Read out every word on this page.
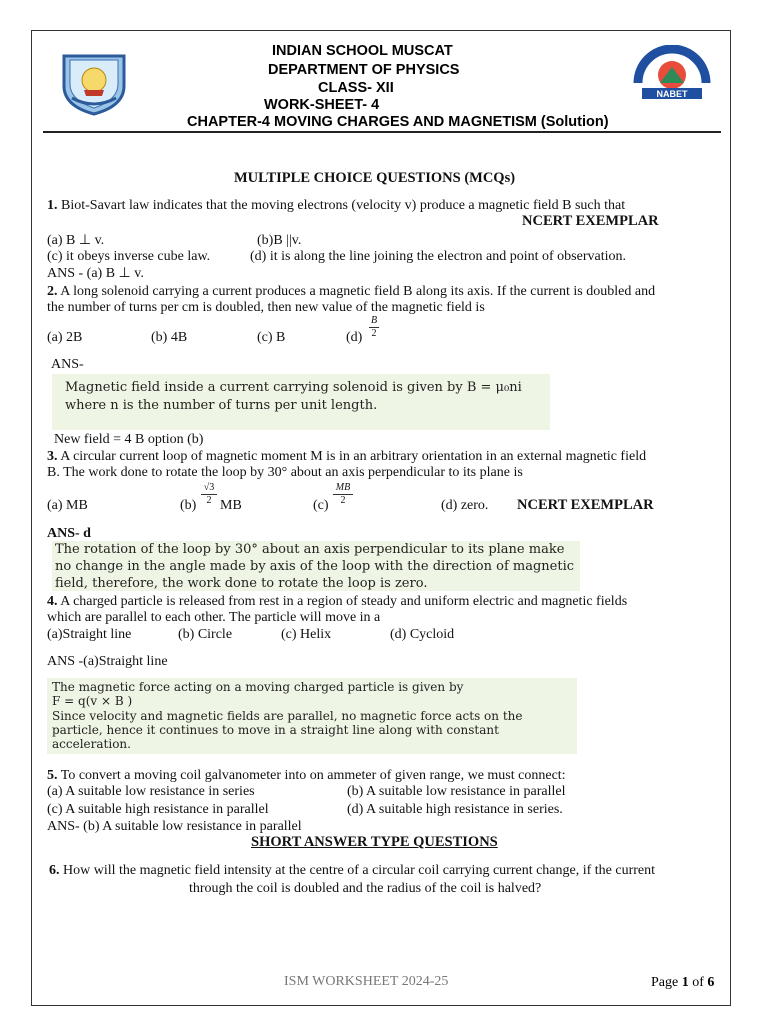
NABET
INDIAN SCHOOL MUSCAT
DEPARTMENT OF PHYSICS
CLASS- XII
WORK-SHEET- 4
CHAPTER-4 MOVING CHARGES AND MAGNETISM (Solution)
MULTIPLE CHOICE QUESTIONS (MCQs)
1. Biot-Savart law indicates that the moving electrons (velocity v) produce a magnetic field B such that
NCERT EXEMPLAR
(a) B ⊥ v.	(b)B ||v.
(c) it obeys inverse cube law.	(d) it is along the line joining the electron and point of observation.
ANS - (a) B ⊥ v.
2. A long solenoid carrying a current produces a magnetic field B along its axis. If the current is doubled and
the number of turns per cm is doubled, then new value of the magnetic field is
(a) 2B	(b) 4B	(c) B	(d)
B
2
ANS-
Magnetic field inside a current carrying solenoid is given by B = μ₀ni
where n is the number of turns per unit length.
New field = 4 B option (b)
3. A circular current loop of magnetic moment M is in an arbitrary orientation in an external magnetic field
B. The work done to rotate the loop by 30° about an axis perpendicular to its plane is
(a) MB	(b)
√3
2 MB	(c)
MB
2	(d) zero. NCERT EXEMPLAR
ANS- d
The rotation of the loop by 30° about an axis perpendicular to its plane make
no change in the angle made by axis of the loop with the direction of magnetic
field, therefore, the work done to rotate the loop is zero.
4. A charged particle is released from rest in a region of steady and uniform electric and magnetic fields
which are parallel to each other. The particle will move in a
(a)Straight line	(b) Circle	(c) Helix	(d) Cycloid
ANS -(a)Straight line
The magnetic force acting on a moving charged particle is given by
F = q(v × B )
Since velocity and magnetic fields are parallel, no magnetic force acts on the
particle, hence it continues to move in a straight line along with constant
acceleration.
5. To convert a moving coil galvanometer into on ammeter of given range, we must connect:
(a) A suitable low resistance in series	(b) A suitable low resistance in parallel
(c) A suitable high resistance in parallel	(d) A suitable high resistance in series.
ANS- (b) A suitable low resistance in parallel
SHORT ANSWER TYPE QUESTIONS
6. How will the magnetic field intensity at the centre of a circular coil carrying current change, if the current
through the coil is doubled and the radius of the coil is halved?
ISM WORKSHEET 2024-25	Page 1 of 6
